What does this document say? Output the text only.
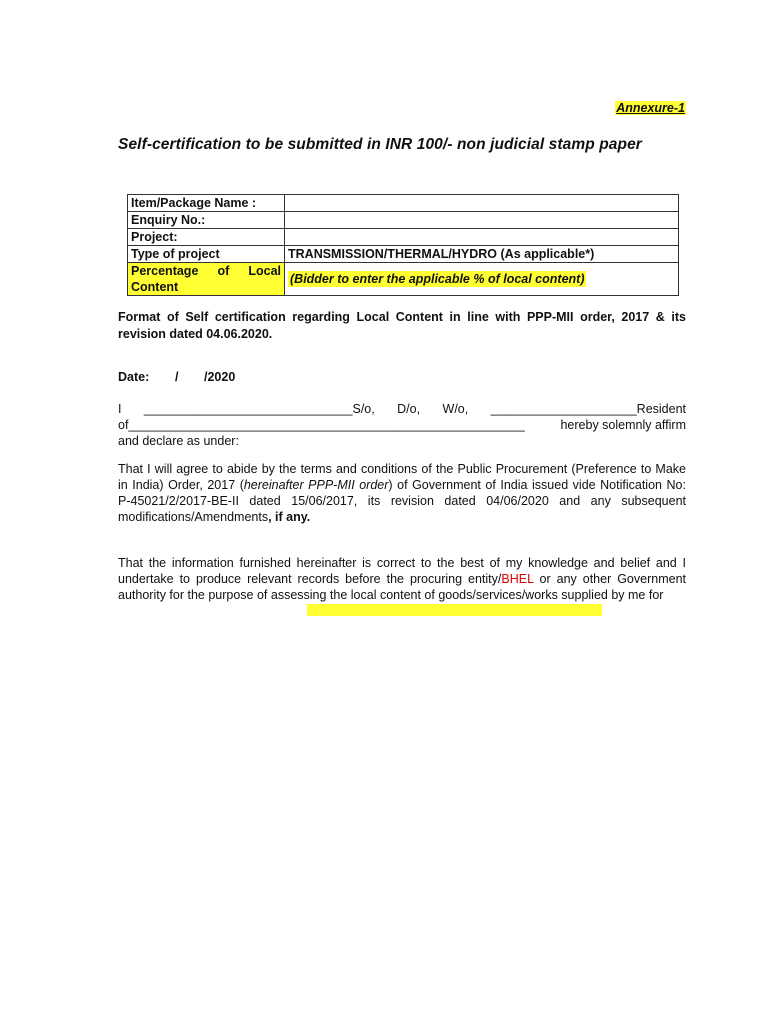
Annexure-1
Self-certification to be submitted in INR 100/- non judicial stamp paper
Item/Package Name :	
Enquiry No.:	
Project:	
Type of project	TRANSMISSION/THERMAL/HYDRO (As applicable*)

Percentage of Local
Content	(Bidder to enter the applicable % of local content)
Format of Self certification regarding Local Content in line with PPP-MII order, 2017 & its revision dated 04.06.2020.
Date: / /2020
I ______________________________S/o, D/o, W/o, _____________________Resident
of_________________________________________________________	hereby solemnly affirm
and declare as under:
That I will agree to abide by the terms and conditions of the Public Procurement (Preference to Make in India) Order, 2017 (hereinafter PPP-MII order) of Government of India issued vide Notification No: P-45021/2/2017-BE-II dated 15/06/2017, its revision dated 04/06/2020 and any subsequent modifications/Amendments, if any.
That the information furnished hereinafter is correct to the best of my knowledge and belief and I undertake to produce relevant records before the procuring entity/BHEL or any other Government authority for the purpose of assessing the local content of goods/services/works supplied by me for
